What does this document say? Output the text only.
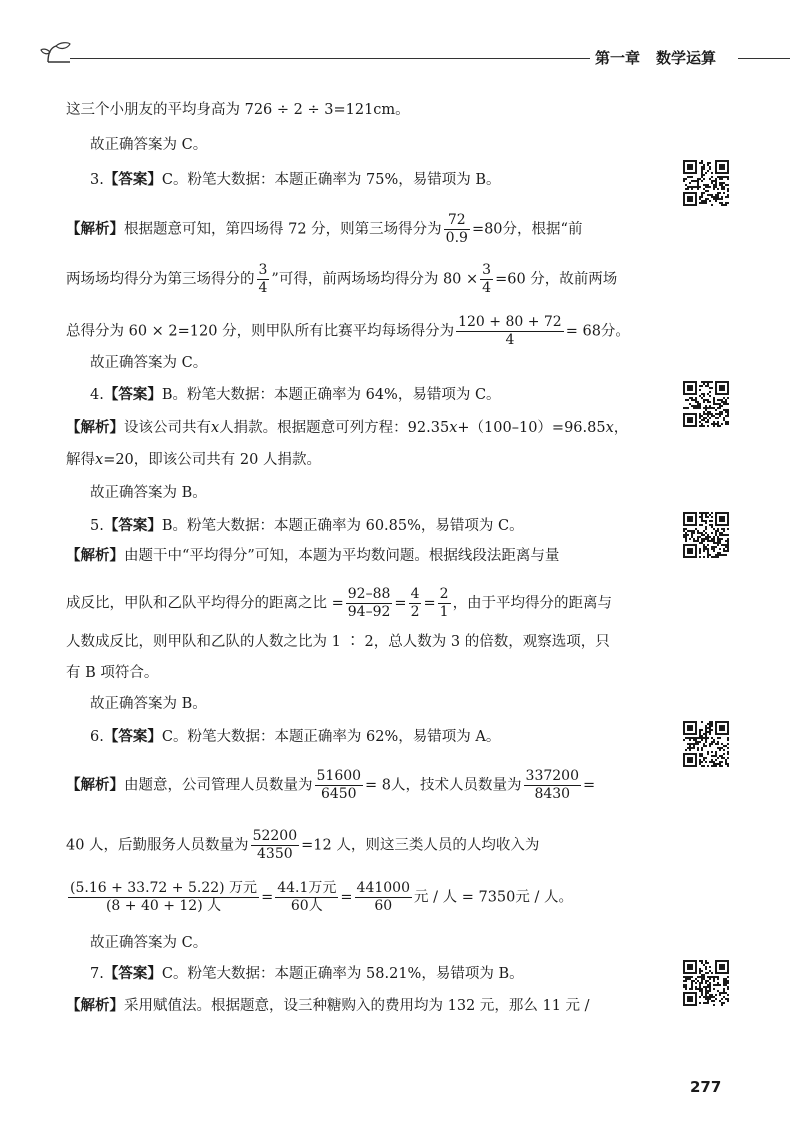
第一章 数学运算
这三个小朋友的平均身高为 726 ÷ 2 ÷ 3=121cm。
故正确答案为 C。
3.【答案】C。粉笔大数据：本题正确率为 75%，易错项为 B。
【解析】根据题意可知，第四场得 72 分，则第三场得分为 $\frac{72}{0.9} =80$分，根据“前
两场场均得分为第三场得分的 $\frac{3}{4}$ ”可得，前两场场均得分为 $80 \times \frac{3}{4} =60$ 分，故前两场
总得分为 60 × 2=120 分，则甲队所有比赛平均每场得分为 $\frac{120 + 80 + 72}{4} = 68$分。
故正确答案为 C。
4.【答案】B。粉笔大数据：本题正确率为 64%，易错项为 C。
【解析】设该公司共有x人捐款。根据题意可列方程：92.35x+（100–10）=96.85x，
解得x=20，即该公司共有 20 人捐款。
故正确答案为 B。
5.【答案】B。粉笔大数据：本题正确率为 60.85%，易错项为 C。
【解析】由题干中“平均得分”可知，本题为平均数问题。根据线段法距离与量
成反比，甲队和乙队平均得分的距离之比 = $\frac{92-88}{94-92} = \frac{4}{2} = \frac{2}{1}$ ，由于平均得分的距离与
人数成反比，则甲队和乙队的人数之比为 1 ∶ 2，总人数为 3 的倍数，观察选项，只
有 B 项符合。
故正确答案为 B。
6.【答案】C。粉笔大数据：本题正确率为 62%，易错项为 A。
【解析】由题意，公司管理人员数量为 $\frac{51600}{6450} = 8$人，技术人员数量为 $\frac{337200}{8430}$ =
40 人，后勤服务人员数量为 $\frac{52200}{4350} =12$ 人，则这三类人员的人均收入为
$\frac{\text{(5.16 + 33.72 + 5.22) 万元}}{\text{(8 + 40 + 12) 人}} = \frac{\text{44.1万元}}{\text{60人}} = \frac{441000}{60}$ 元 / 人 = 7350元 / 人。
故正确答案为 C。
7.【答案】C。粉笔大数据：本题正确率为 58.21%，易错项为 B。
【解析】采用赋值法。根据题意，设三种糖购入的费用均为 132 元，那么 11 元 /
277
